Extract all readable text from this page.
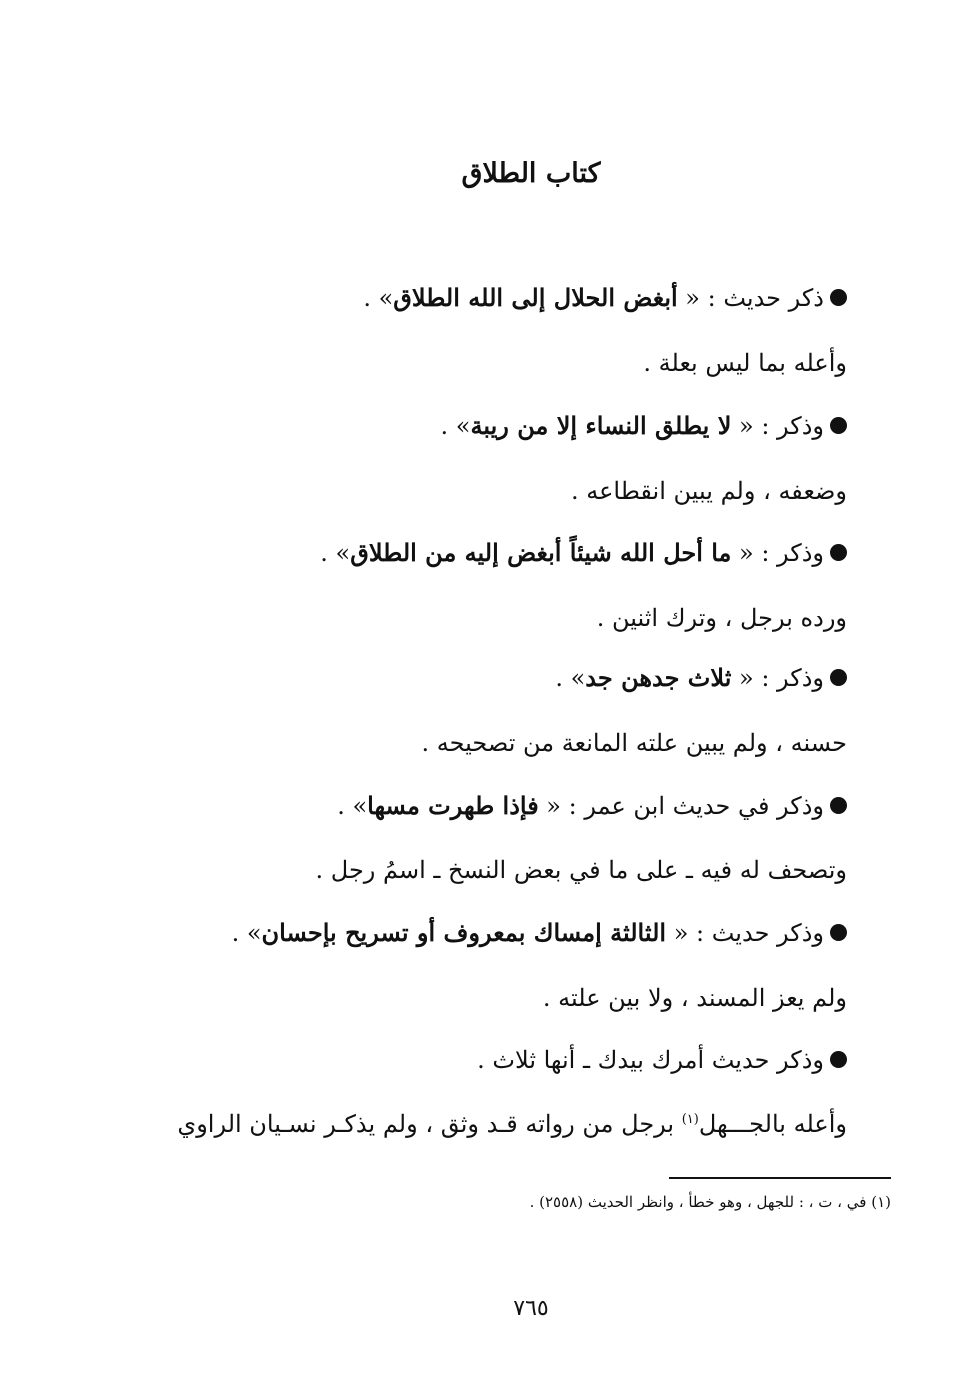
كتاب الطلاق
ذكر حديث : « أبغض الحلال إلى الله الطلاق» .
وأعله بما ليس بعلة .
وذكر : « لا يطلق النساء إلا من ريبة» .
وضعفه ، ولم يبين انقطاعه .
وذكر : « ما أحل الله شيئاً أبغض إليه من الطلاق» .
ورده برجل ، وترك اثنين .
وذكر : « ثلاث جدهن جد» .
حسنه ، ولم يبين علته المانعة من تصحيحه .
وذكر في حديث ابن عمر : « فإذا طهرت مسها» .
وتصحف له فيه ـ على ما في بعض النسخ ـ اسمُ رجل .
وذكر حديث : « الثالثة إمساك بمعروف أو تسريح بإحسان» .
ولم يعز المسند ، ولا بين علته .
وذكر حديث أمرك بيدك ـ أنها ثلاث .
وأعله بالجـــهل$^{(١)}$ برجل من رواته قـد وثق ، ولم يذكـر نسـيان الراوي
(١) في ، ت ، : للجهل ، وهو خطأ ، وانظر الحديث (٢٥٥٨) .
٧٦٥
